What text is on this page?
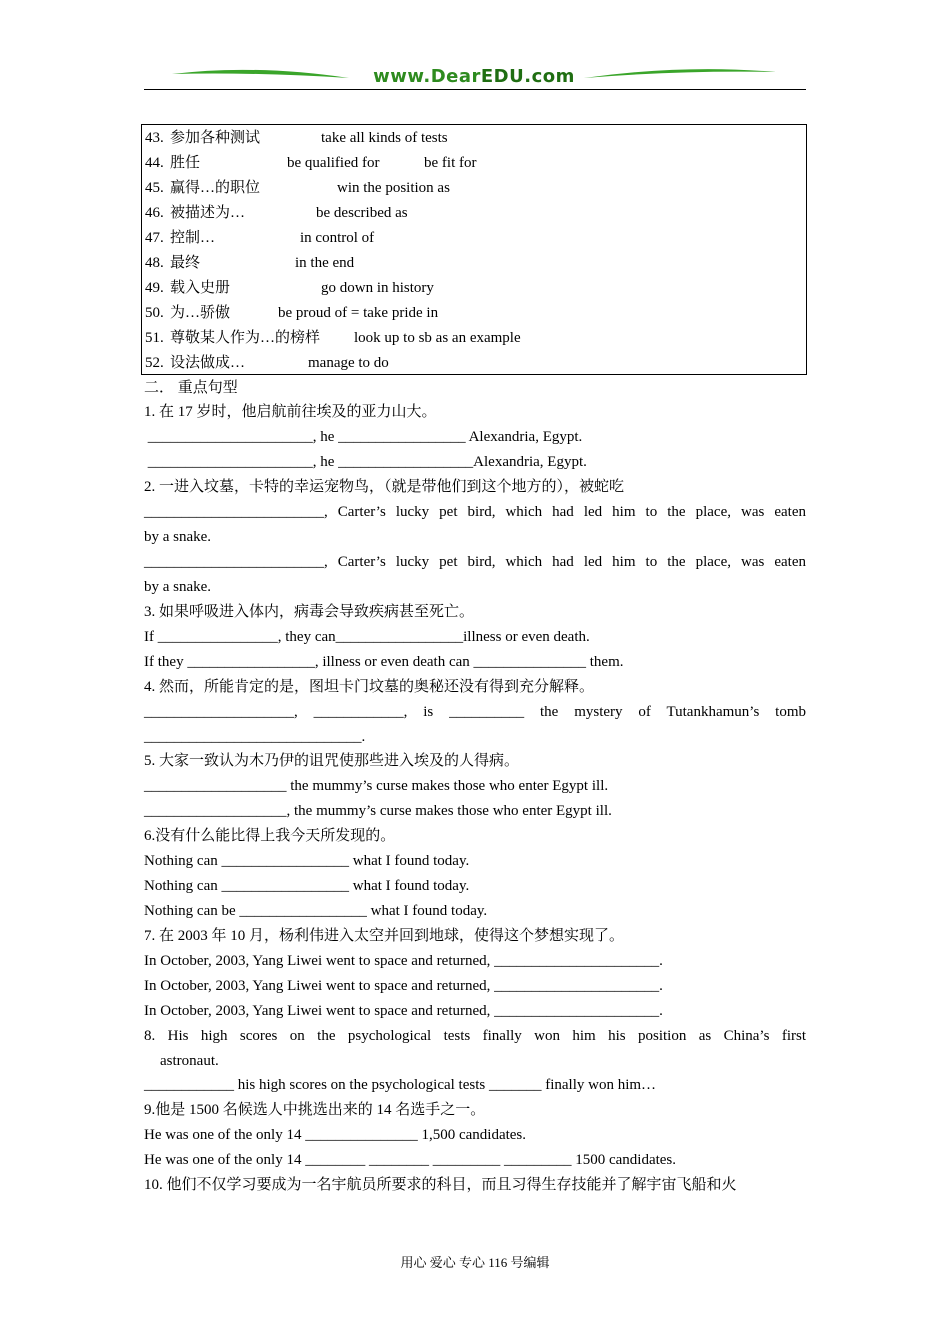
www.DearEDU.com
43. 参加各种测试	take all kinds of tests
44. 胜任	be qualified for	be fit for
45. 赢得…的职位	win the position as
46. 被描述为…	be described as
47. 控制…	in control of
48. 最终	in the end
49. 载入史册	go down in history
50. 为…骄傲	be proud of = take pride in
51. 尊敬某人作为…的榜样 look up to sb as an example
52. 设法做成…	manage to do
二． 重点句型
1. 在 17 岁时，他启航前往埃及的亚力山大。
______________________, he _________________ Alexandria, Egypt.
______________________, he __________________Alexandria, Egypt.
2. 一进入坟墓，卡特的幸运宠物鸟，（就是带他们到这个地方的），被蛇吃
________________________, Carter’s lucky pet bird, which had led him to the place, was eaten
by a snake.
________________________, Carter’s lucky pet bird, which had led him to the place, was eaten
by a snake.
3. 如果呼吸进入体内，病毒会导致疾病甚至死亡。
If ________________, they can_________________illness or even death.
If they _________________, illness or even death can _______________ them.
4. 然而，所能肯定的是，图坦卡门坟墓的奥秘还没有得到充分解释。
____________________, ____________, is __________ the mystery of Tutankhamun’s tomb
_____________________________.
5. 大家一致认为木乃伊的诅咒使那些进入埃及的人得病。
___________________ the mummy’s curse makes those who enter Egypt ill.
___________________, the mummy’s curse makes those who enter Egypt ill.
6.没有什么能比得上我今天所发现的。
Nothing can _________________ what I found today.
Nothing can _________________ what I found today.
Nothing can be _________________ what I found today.
7. 在 2003 年 10 月，杨利伟进入太空并回到地球，使得这个梦想实现了。
In October, 2003, Yang Liwei went to space and returned, ______________________.
In October, 2003, Yang Liwei went to space and returned, ______________________.
In October, 2003, Yang Liwei went to space and returned, ______________________.
8. His high scores on the psychological tests finally won him his position as China’s first
astronaut.
____________ his high scores on the psychological tests _______ finally won him…
9.他是 1500 名候选人中挑选出来的 14 名选手之一。
He was one of the only 14 _______________ 1,500 candidates.
He was one of the only 14 ________ ________ _________ _________ 1500 candidates.
10. 他们不仅学习要成为一名宇航员所要求的科目，而且习得生存技能并了解宇宙飞船和火
用心 爱心 专心 116 号编辑
